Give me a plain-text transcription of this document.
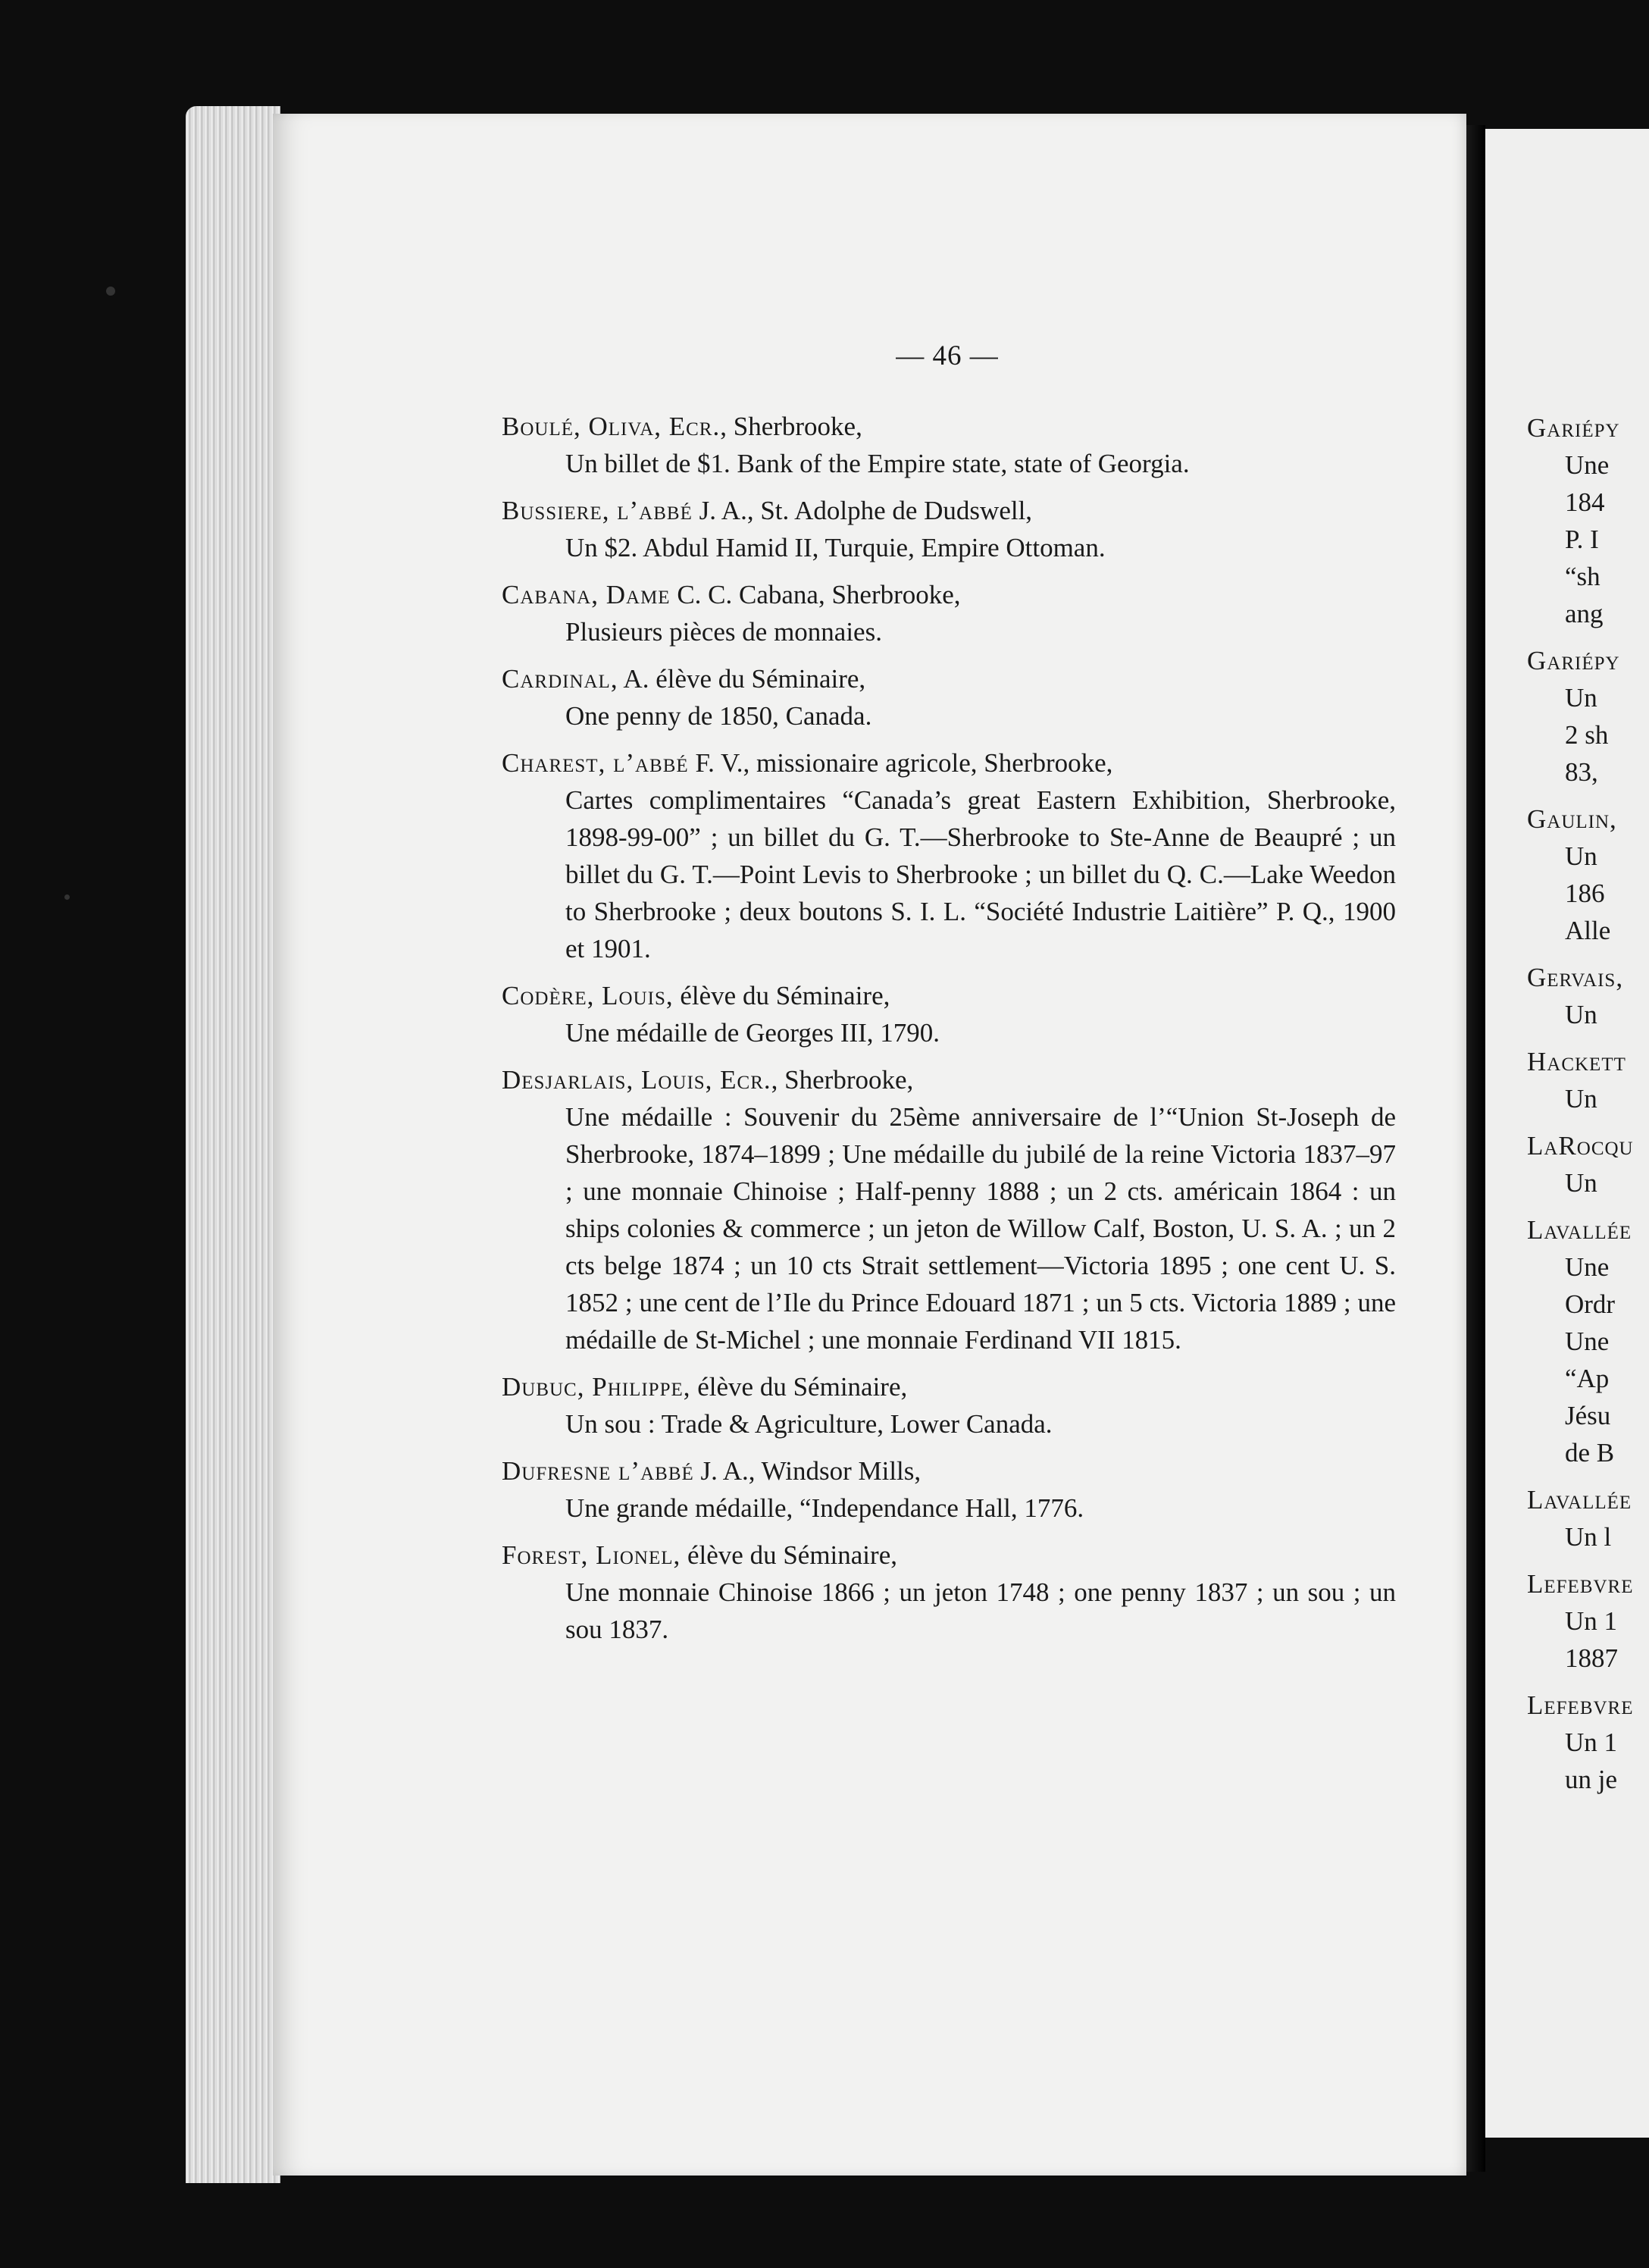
— 46 —
Boulé, Oliva, Ecr., Sherbrooke,
Un billet de $1. Bank of the Empire state, state of Georgia.
Bussiere, l’abbé J. A., St. Adolphe de Dudswell,
Un $2. Abdul Hamid II, Turquie, Empire Ottoman.
Cabana, Dame C. C. Cabana, Sherbrooke,
Plusieurs pièces de monnaies.
Cardinal, A. élève du Séminaire,
One penny de 1850, Canada.
Charest, l’abbé F. V., missionaire agricole, Sherbrooke,
Cartes complimentaires “Canada’s great Eastern Exhibition, Sherbrooke, 1898-99-00” ; un billet du G. T.—Sherbrooke to Ste-Anne de Beaupré ; un billet du G. T.—Point Levis to Sherbrooke ; un billet du Q. C.—Lake Weedon to Sherbrooke ; deux boutons S. I. L. “Société Industrie Laitière” P. Q., 1900 et 1901.
Codère, Louis, élève du Séminaire,
Une médaille de Georges III, 1790.
Desjarlais, Louis, Ecr., Sherbrooke,
Une médaille : Souvenir du 25ème anniversaire de l’“Union St-Joseph de Sherbrooke, 1874–1899 ; Une médaille du jubilé de la reine Victoria 1837–97 ; une monnaie Chinoise ; Half-penny 1888 ; un 2 cts. américain 1864 : un ships colonies & commerce ; un jeton de Willow Calf, Boston, U. S. A. ; un 2 cts belge 1874 ; un 10 cts Strait settlement—Victoria 1895 ; one cent U. S. 1852 ; une cent de l’Ile du Prince Edouard 1871 ; un 5 cts. Victoria 1889 ; une médaille de St-Michel ; une monnaie Ferdinand VII 1815.
Dubuc, Philippe, élève du Séminaire,
Un sou : Trade & Agriculture, Lower Canada.
Dufresne l’abbé J. A., Windsor Mills,
Une grande médaille, “Independance Hall, 1776.
Forest, Lionel, élève du Séminaire,
Une monnaie Chinoise 1866 ; un jeton 1748 ; one penny 1837 ; un sou ; un sou 1837.
Gariépy
Une
184
P. I
“sh
ang
Gariépy
Un
2 sh
83,
Gaulin,
Un
186
Alle
Gervais,
Un
Hackett
Un
LaRocqu
Un
Lavallée
Une
Ordr
Une
“Ap
Jésu
de B
Lavallée
Un l
Lefebvre
Un 1
1887
Lefebvre
Un 1
un je
